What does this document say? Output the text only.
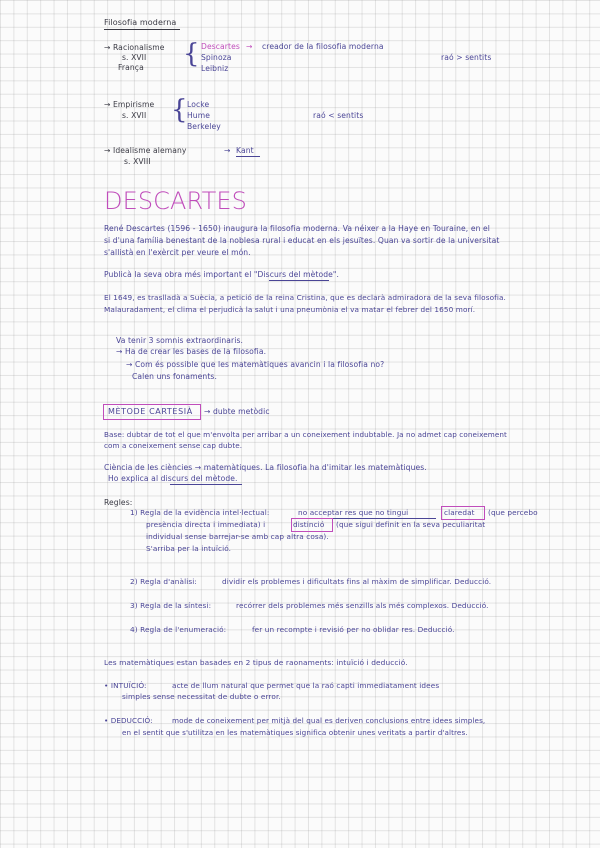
Filosofia moderna
→ Racionalisme
s. XVII
França { Descartes
Spinoza
Leibniz
→ creador de la filosofia moderna
raó > sentits
→ Empirisme
s. XVII { Locke
Hume
Berkeley
raó < sentits
→ Idealisme alemany
s. XVIII
→ Kant
DESCARTES
René Descartes (1596 - 1650) inaugura la filosofia moderna. Va néixer a la Haye en Touraine, en el
si d'una família benestant de la noblesa rural i educat en els jesuïtes. Quan va sortir de la universitat
s'allistà en l'exèrcit per veure el món.
Publicà la seva obra més important el "Discurs del mètode".
El 1649, es traslladà a Suècia, a petició de la reina Cristina, que es declarà admiradora de la seva filosofia.
Malauradament, el clima el perjudicà la salut i una pneumònia el va matar el febrer del 1650 morí.
Va tenir 3 somnis extraordinaris.
→ Ha de crear les bases de la filosofia.
→ Com és possible que les matemàtiques avancin i la filosofia no?
Calen uns fonaments.
MÈTODE CARTESIÀ → dubte metòdic
Base: dubtar de tot el que m'envolta per arribar a un coneixement indubtable. Ja no admet cap coneixement
com a coneixement sense cap dubte.
Ciència de les ciències → matemàtiques. La filosofia ha d'imitar les matemàtiques.
Ho explica al discurs del mètode.
Regles:
1) Regla de la evidència intel·lectual:	no acceptar res que no tingui	claredat (que percebo
presència directa i immediata) i	distinció (que sigui definit en la seva peculiaritat
individual sense barrejar-se amb cap altra cosa).
S'arriba per la intuïció.
2) Regla d'anàlisi:	dividir els problemes i dificultats fins al màxim de simplificar. Deducció.
3) Regla de la síntesi:	recórrer dels problemes més senzills als més complexos. Deducció.
4) Regla de l'enumeració:	fer un recompte i revisió per no oblidar res. Deducció.
Les matemàtiques estan basades en 2 tipus de raonaments: intuïció i deducció.
• INTUÏCIÓ:	acte de llum natural que permet que la raó capti immediatament idees
simples sense necessitat de dubte o error.
• DEDUCCIÓ:	mode de coneixement per mitjà del qual es deriven conclusions entre idees simples,
en el sentit que s'utilitza en les matemàtiques significa obtenir unes veritats a partir d'altres.
